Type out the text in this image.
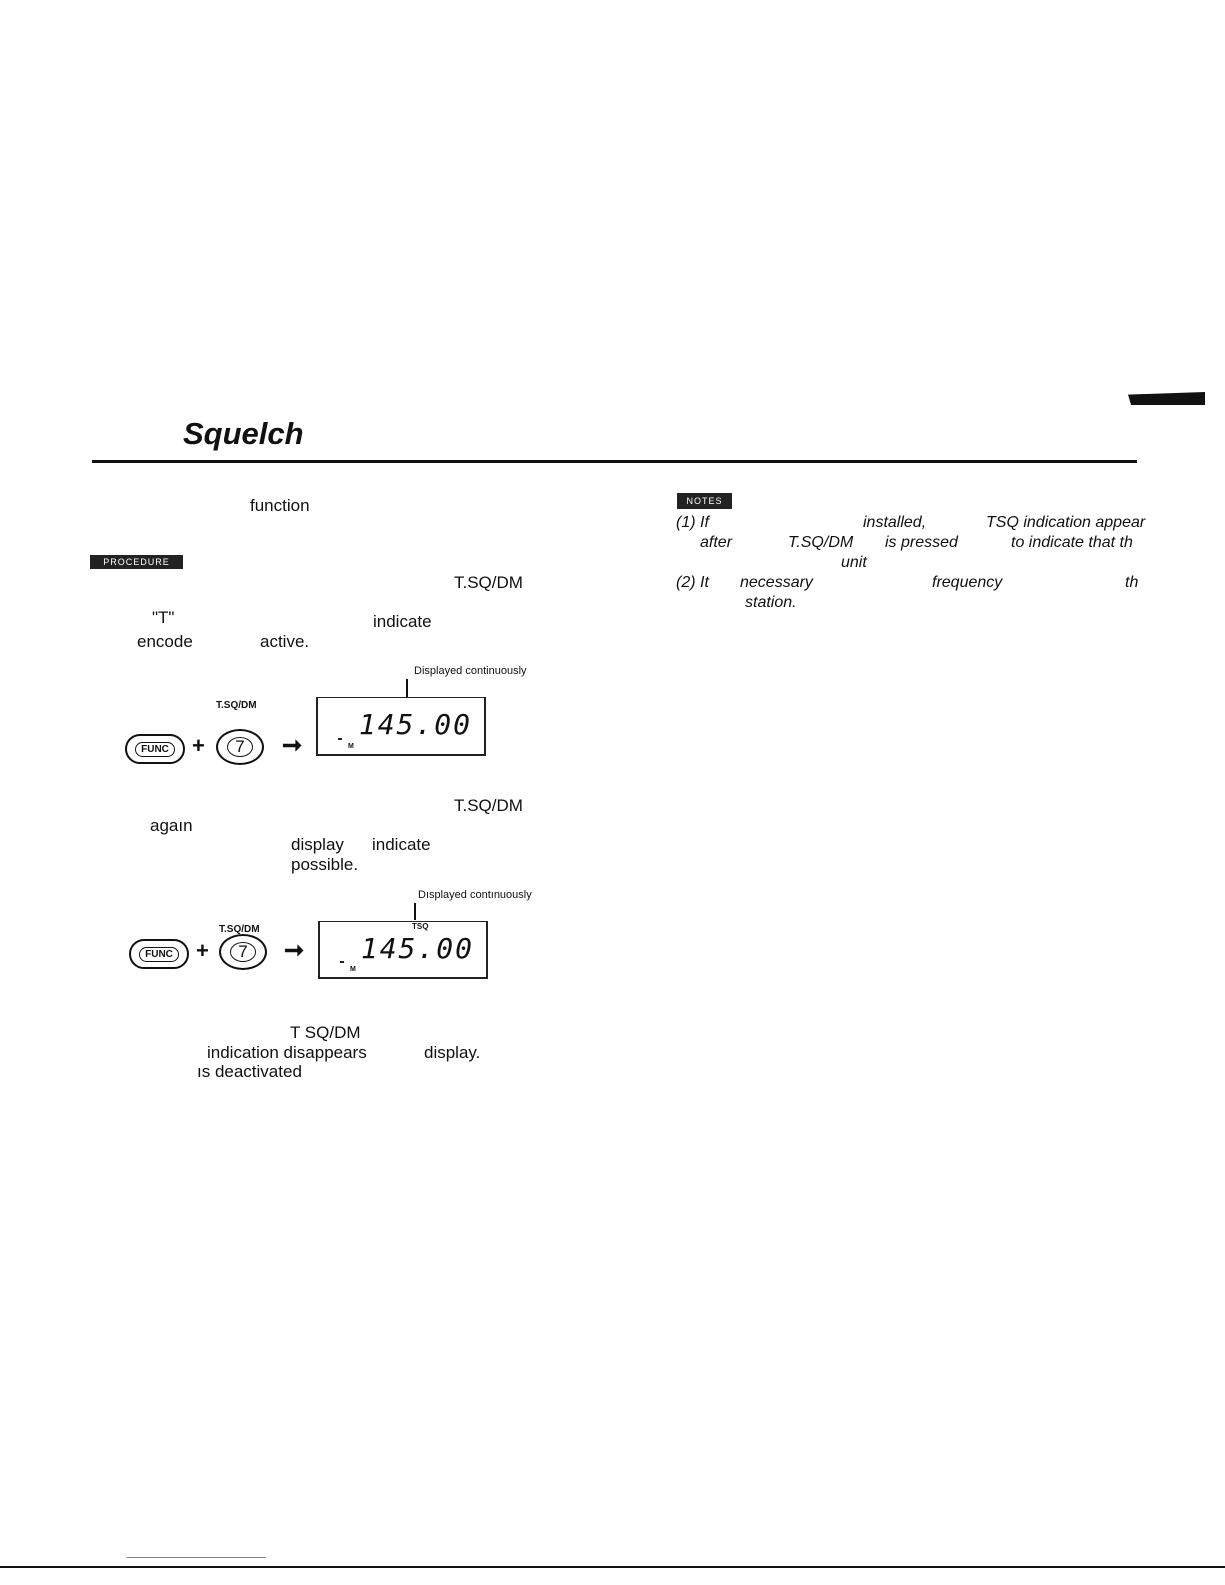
Squelch
function
PROCEDURE
T.SQ/DM
"T"	indicate
encode	active.
Displayed continuously
T.SQ/DM
FUNC +	7	➞
145.00
M
T.SQ/DM
agaın
display indicate
possible.
Dısplayed contınuously
T.SQ/DM
FUNC +	7	➞
TSQ
145.00
M
T SQ/DM
indication disappears	display.
ıs deactivated
NOTES
(1) If	installed,	TSQ indication appear
after	T.SQ/DM is pressed	to indicate that th
unit
(2) It necessary	frequency	th
station.
